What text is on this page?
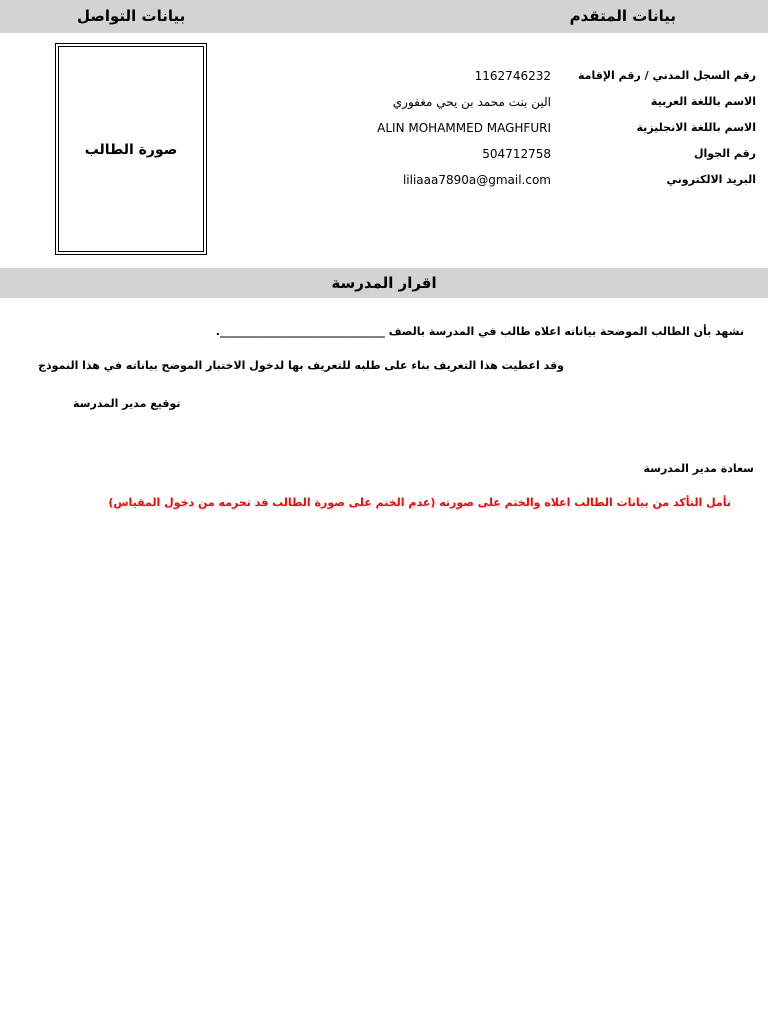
بيانات التواصل	بيانات المتقدم
صورة الطالب
رقم السجل المدني / رقم الإقامة
1162746232
الاسم باللغة العربية
الين بنت محمد بن يحي مغفوري
الاسم باللغة الانجليزية
ALIN MOHAMMED MAGHFURI
رقم الجوال
504712758
البريد الالكتروني
liliaaa7890a@gmail.com
اقرار المدرسة
نشهد بأن الطالب الموضحة بياناته اعلاه طالب في المدرسة بالصف ______________________________.
وقد اعطيت هذا التعريف بناء على طلبه للتعريف بها لدخول الاختبار الموضح بياناته في هذا النموذج
توقيع مدير المدرسة
سعادة مدير المدرسة
نأمل التأكد من بيانات الطالب اعلاه والختم على صورته (عدم الختم على صورة الطالب قد تحرمه من دخول المقياس)
